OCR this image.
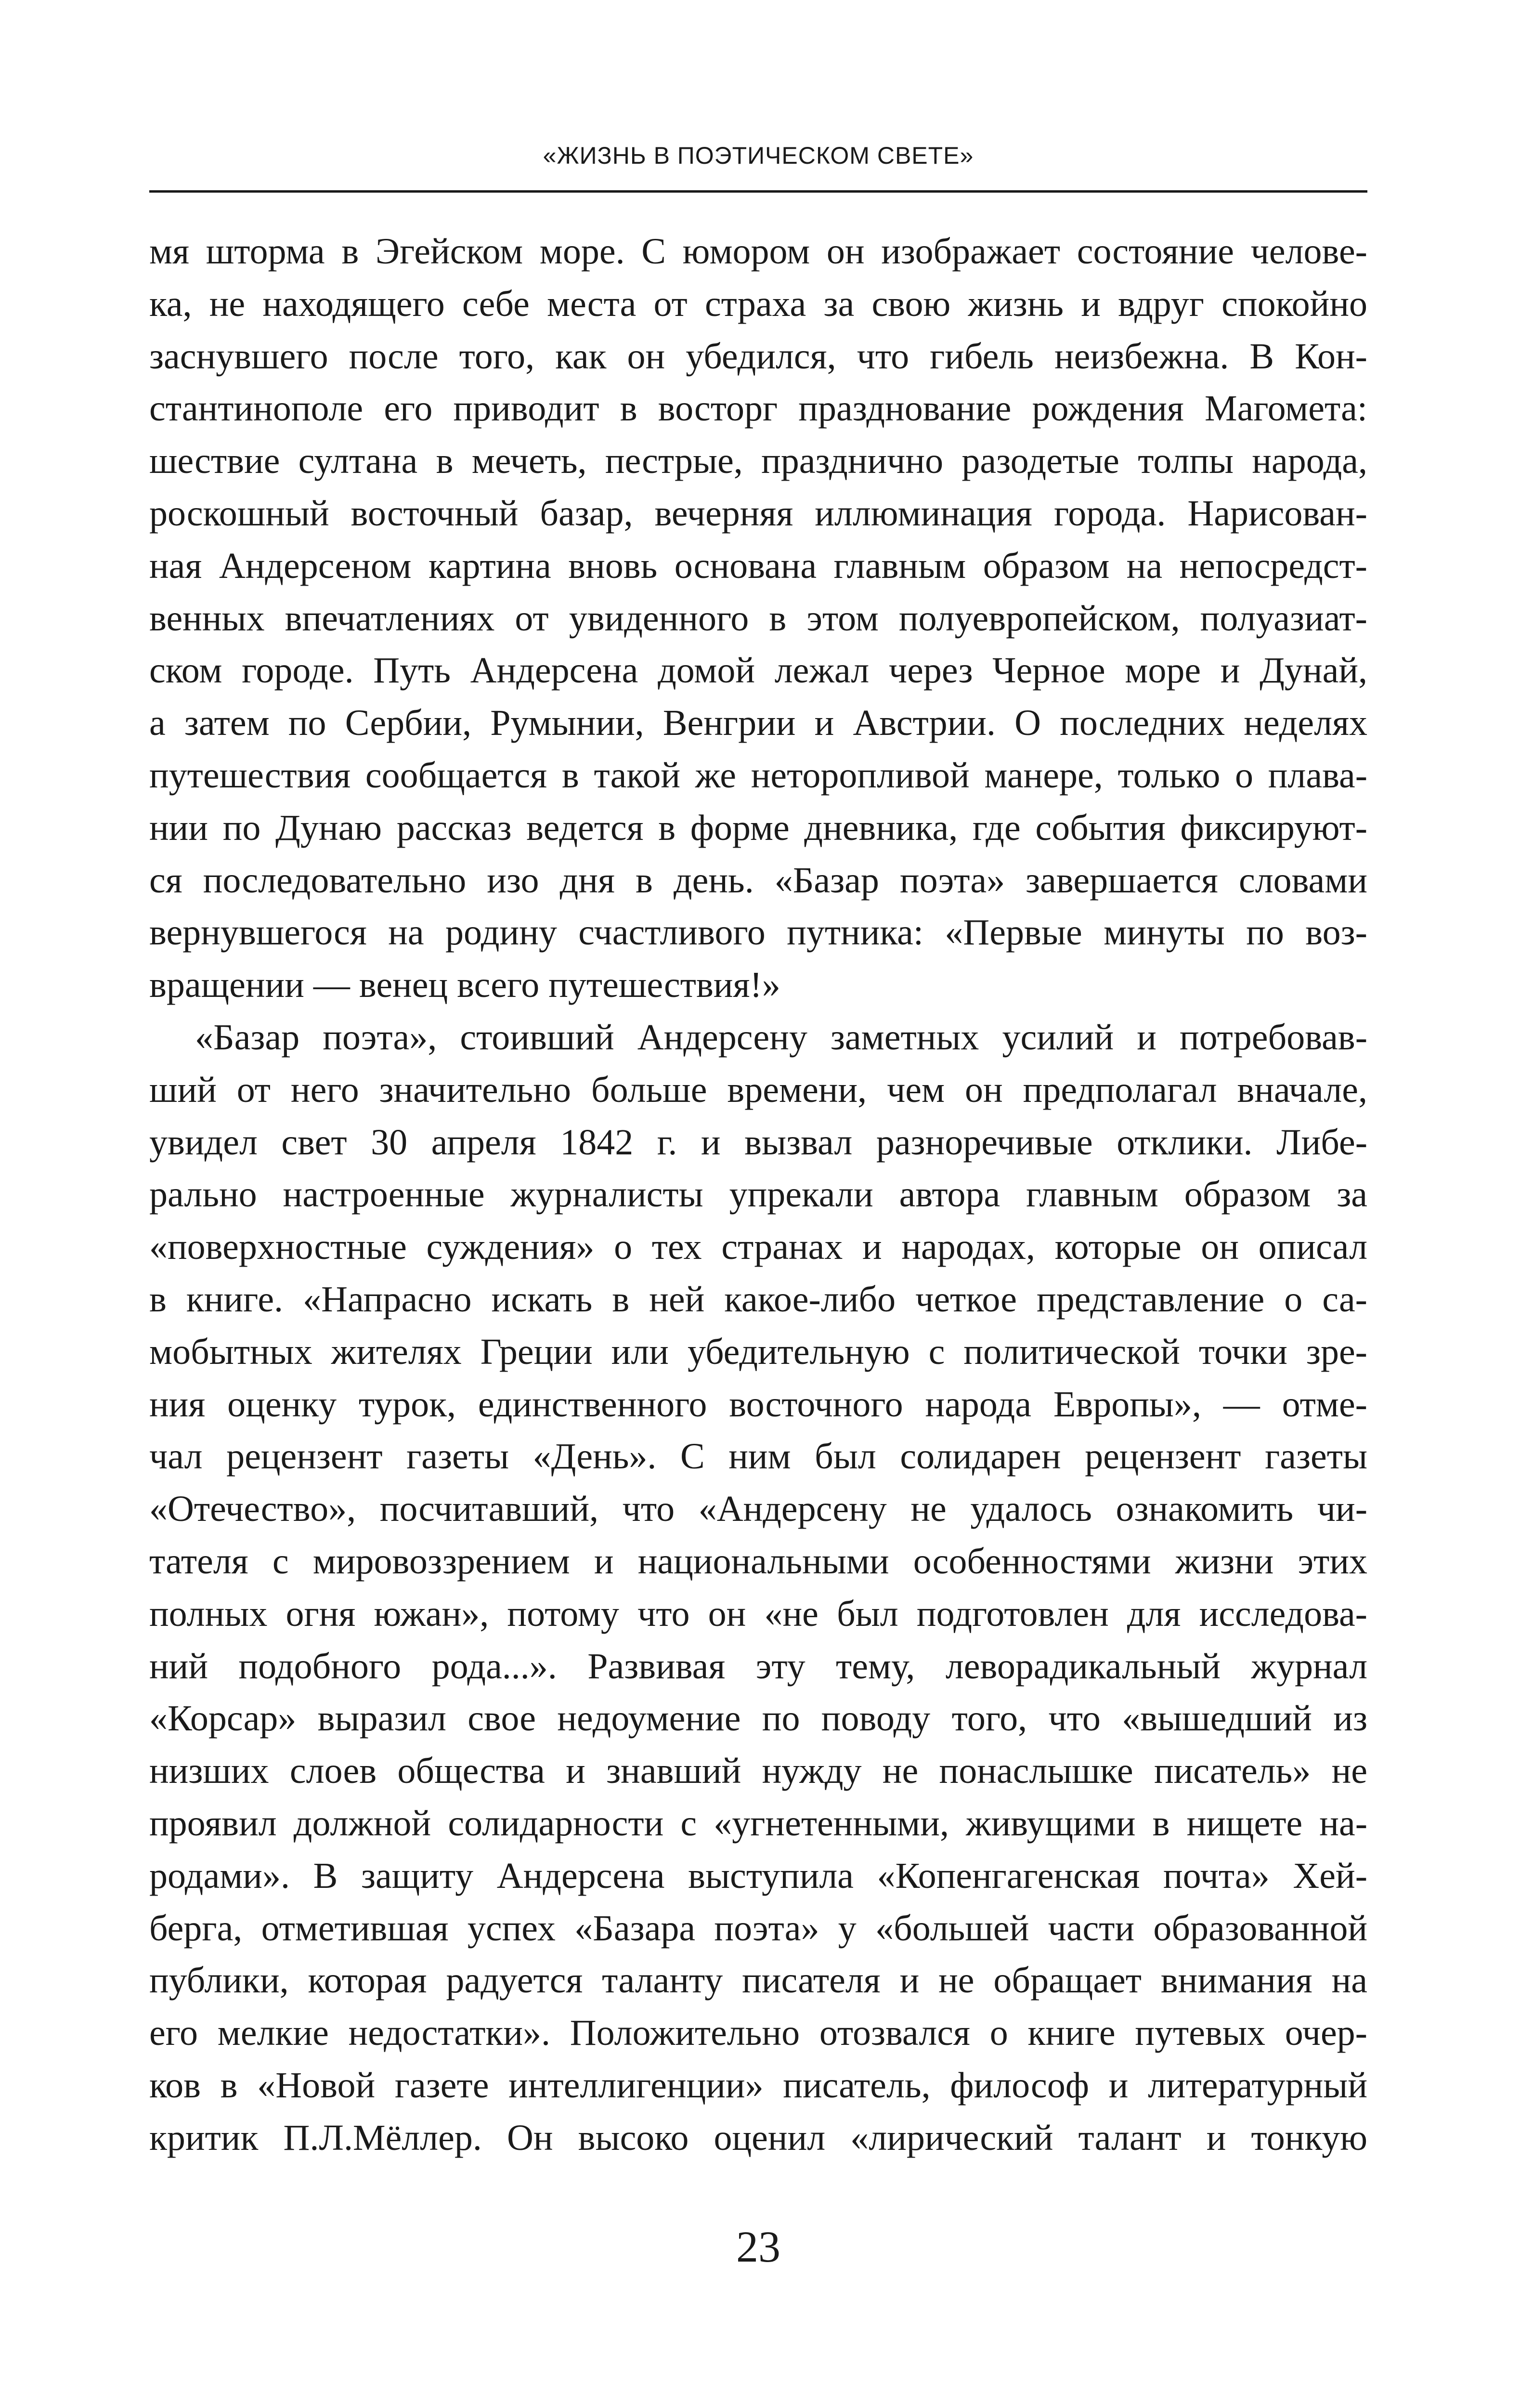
«ЖИЗНЬ В ПОЭТИЧЕСКОМ СВЕТЕ»

мя шторма в Эгейском море. С юмором он изображает состояние челове-

ка, не находящего себе места от страха за свою жизнь и вдруг спокойно

заснувшего после того, как он убедился, что гибель неизбежна. В Кон-

стантинополе его приводит в восторг празднование рождения Магомета:

шествие султана в мечеть, пестрые, празднично разодетые толпы народа,

роскошный восточный базар, вечерняя иллюминация города. Нарисован-

ная Андерсеном картина вновь основана главным образом на непосредст-

венных впечатлениях от увиденного в этом полуевропейском, полуазиат-

ском городе. Путь Андерсена домой лежал через Черное море и Дунай,

а затем по Сербии, Румынии, Венгрии и Австрии. О последних неделях

путешествия сообщается в такой же неторопливой манере, только о плава-

нии по Дунаю рассказ ведется в форме дневника, где события фиксируют-

ся последовательно изо дня в день. «Базар поэта» завершается словами

вернувшегося на родину счастливого путника: «Первые минуты по воз-

вращении — венец всего путешествия!»

«Базар поэта», стоивший Андерсену заметных усилий и потребовав-

ший от него значительно больше времени, чем он предполагал вначале,

увидел свет 30 апреля 1842 г. и вызвал разноречивые отклики. Либе-

рально настроенные журналисты упрекали автора главным образом за

«поверхностные суждения» о тех странах и народах, которые он описал

в книге. «Напрасно искать в ней какое-либо четкое представление о са-

мобытных жителях Греции или убедительную с политической точки зре-

ния оценку турок, единственного восточного народа Европы», — отме-

чал рецензент газеты «День». С ним был солидарен рецензент газеты

«Отечество», посчитавший, что «Андерсену не удалось ознакомить чи-

тателя с мировоззрением и национальными особенностями жизни этих

полных огня южан», потому что он «не был подготовлен для исследова-

ний подобного рода...». Развивая эту тему, леворадикальный журнал

«Корсар» выразил свое недоумение по поводу того, что «вышедший из

низших слоев общества и знавший нужду не понаслышке писатель» не

проявил должной солидарности с «угнетенными, живущими в нищете на-

родами». В защиту Андерсена выступила «Копенгагенская почта» Хей-

берга, отметившая успех «Базара поэта» у «большей части образованной

публики, которая радуется таланту писателя и не обращает внимания на

его мелкие недостатки». Положительно отозвался о книге путевых очер-

ков в «Новой газете интеллигенции» писатель, философ и литературный

критик П.Л.Мёллер. Он высоко оценил «лирический талант и тонкую

23
